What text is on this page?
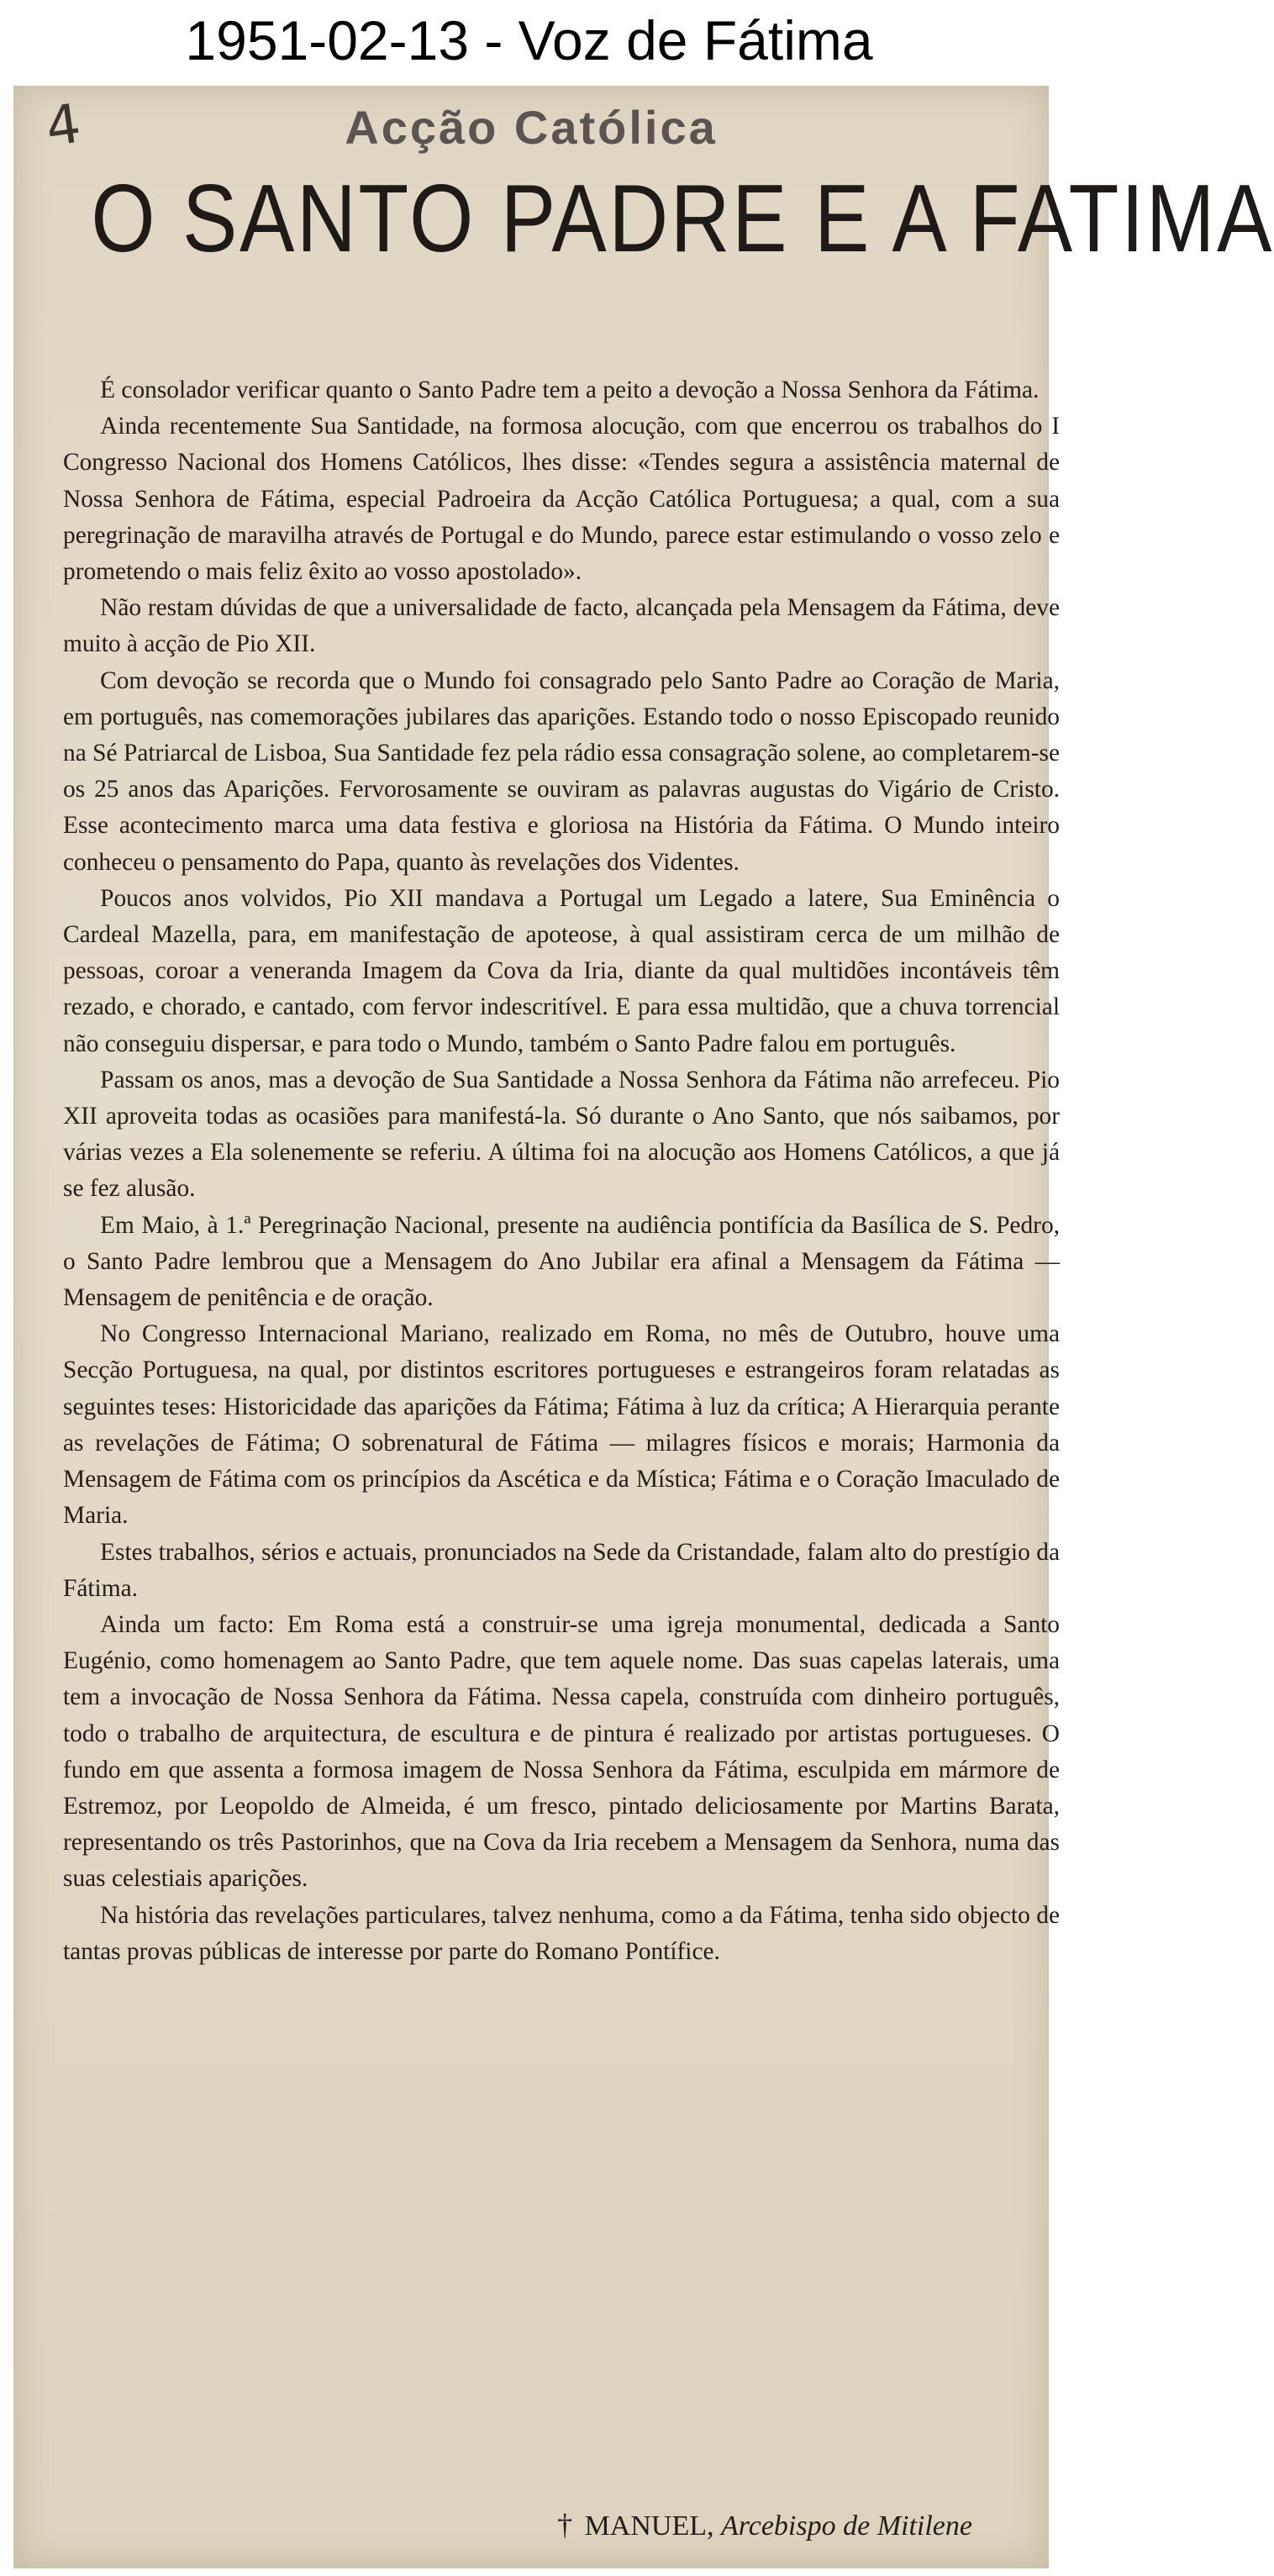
1951-02-13 - Voz de Fátima
4	Acção Católica
O SANTO PADRE E A FATIMA

É consolador verificar quanto o Santo Padre tem a peito a devoção a Nossa Senhora da Fátima.

Ainda recentemente Sua Santidade, na formosa alocução, com que encerrou os trabalhos do I Congresso Nacional dos Homens Católicos, lhes disse: «Tendes segura a assistência maternal de Nossa Senhora de Fátima, especial Padroeira da Acção Católica Portuguesa; a qual, com a sua peregrinação de maravilha através de Portugal e do Mundo, parece estar estimulando o vosso zelo e prometendo o mais feliz êxito ao vosso apostolado».

Não restam dúvidas de que a universalidade de facto, alcançada pela Mensagem da Fátima, deve muito à acção de Pio XII.

Com devoção se recorda que o Mundo foi consagrado pelo Santo Padre ao Coração de Maria, em português, nas comemorações jubilares das aparições. Estando todo o nosso Episcopado reunido na Sé Patriarcal de Lisboa, Sua Santidade fez pela rádio essa consagração solene, ao completarem-se os 25 anos das Aparições. Fervorosamente se ouviram as palavras augustas do Vigário de Cristo. Esse acontecimento marca uma data festiva e gloriosa na História da Fátima. O Mundo inteiro conheceu o pensamento do Papa, quanto às revelações dos Videntes.

Poucos anos volvidos, Pio XII mandava a Portugal um Legado a latere, Sua Eminência o Cardeal Mazella, para, em manifestação de apoteose, à qual assistiram cerca de um milhão de pessoas, coroar a veneranda Imagem da Cova da Iria, diante da qual multidões incontáveis têm rezado, e chorado, e cantado, com fervor indescritível. E para essa multidão, que a chuva torrencial não conseguiu dispersar, e para todo o Mundo, também o Santo Padre falou em português.

Passam os anos, mas a devoção de Sua Santidade a Nossa Senhora da Fátima não arrefeceu. Pio XII aproveita todas as ocasiões para manifestá-la. Só durante o Ano Santo, que nós saibamos, por várias vezes a Ela solenemente se referiu. A última foi na alocução aos Homens Católicos, a que já se fez alusão.

Em Maio, à 1.ª Peregrinação Nacional, presente na audiência pontifícia da Basílica de S. Pedro, o Santo Padre lembrou que a Mensagem do Ano Jubilar era afinal a Mensagem da Fátima — Mensagem de penitência e de oração.

No Congresso Internacional Mariano, realizado em Roma, no mês de Outubro, houve uma Secção Portuguesa, na qual, por distintos escritores portugueses e estrangeiros foram relatadas as seguintes teses: Historicidade das aparições da Fátima; Fátima à luz da crítica; A Hierarquia perante as revelações de Fátima; O sobrenatural de Fátima — milagres físicos e morais; Harmonia da Mensagem de Fátima com os princípios da Ascética e da Mística; Fátima e o Coração Imaculado de Maria.

Estes trabalhos, sérios e actuais, pronunciados na Sede da Cristandade, falam alto do prestígio da Fátima.

Ainda um facto: Em Roma está a construir-se uma igreja monumental, dedicada a Santo Eugénio, como homenagem ao Santo Padre, que tem aquele nome. Das suas capelas laterais, uma tem a invocação de Nossa Senhora da Fátima. Nessa capela, construída com dinheiro português, todo o trabalho de arquitectura, de escultura e de pintura é realizado por artistas portugueses. O fundo em que assenta a formosa imagem de Nossa Senhora da Fátima, esculpida em mármore de Estremoz, por Leopoldo de Almeida, é um fresco, pintado deliciosamente por Martins Barata, representando os três Pastorinhos, que na Cova da Iria recebem a Mensagem da Senhora, numa das suas celestiais aparições.

Na história das revelações particulares, talvez nenhuma, como a da Fátima, tenha sido objecto de tantas provas públicas de interesse por parte do Romano Pontífice.

† MANUEL, Arcebispo de Mitilene
